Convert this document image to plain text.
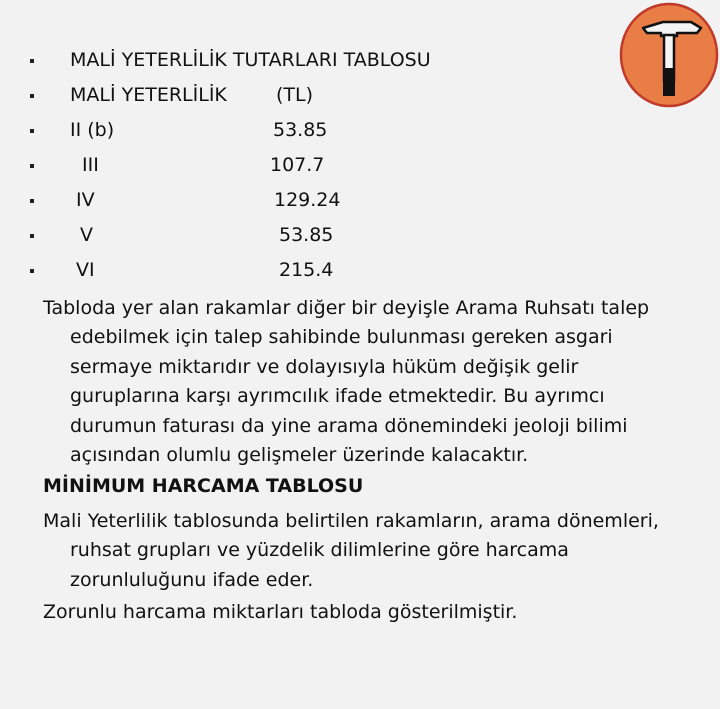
MALİ YETERLİLİK TUTARLARI TABLOSU
MALİ YETERLİLİK	(TL)
II (b)	53.85
III	107.7
IV	129.24
V	53.85
VI	215.4

Tabloda yer alan rakamlar diğer bir deyişle Arama Ruhsatı talep edebilmek için talep sahibinde bulunması gereken asgari sermaye miktarıdır ve dolayısıyla hüküm değişik gelir guruplarına karşı ayrımcılık ifade etmektedir. Bu ayrımcı durumun faturası da yine arama dönemindeki jeoloji bilimi açısından olumlu gelişmeler üzerinde kalacaktır.

MİNİMUM HARCAMA TABLOSU

Mali Yeterlilik tablosunda belirtilen rakamların, arama dönemleri, ruhsat grupları ve yüzdelik dilimlerine göre harcama zorunluluğunu ifade eder.

Zorunlu harcama miktarları tabloda gösterilmiştir.
